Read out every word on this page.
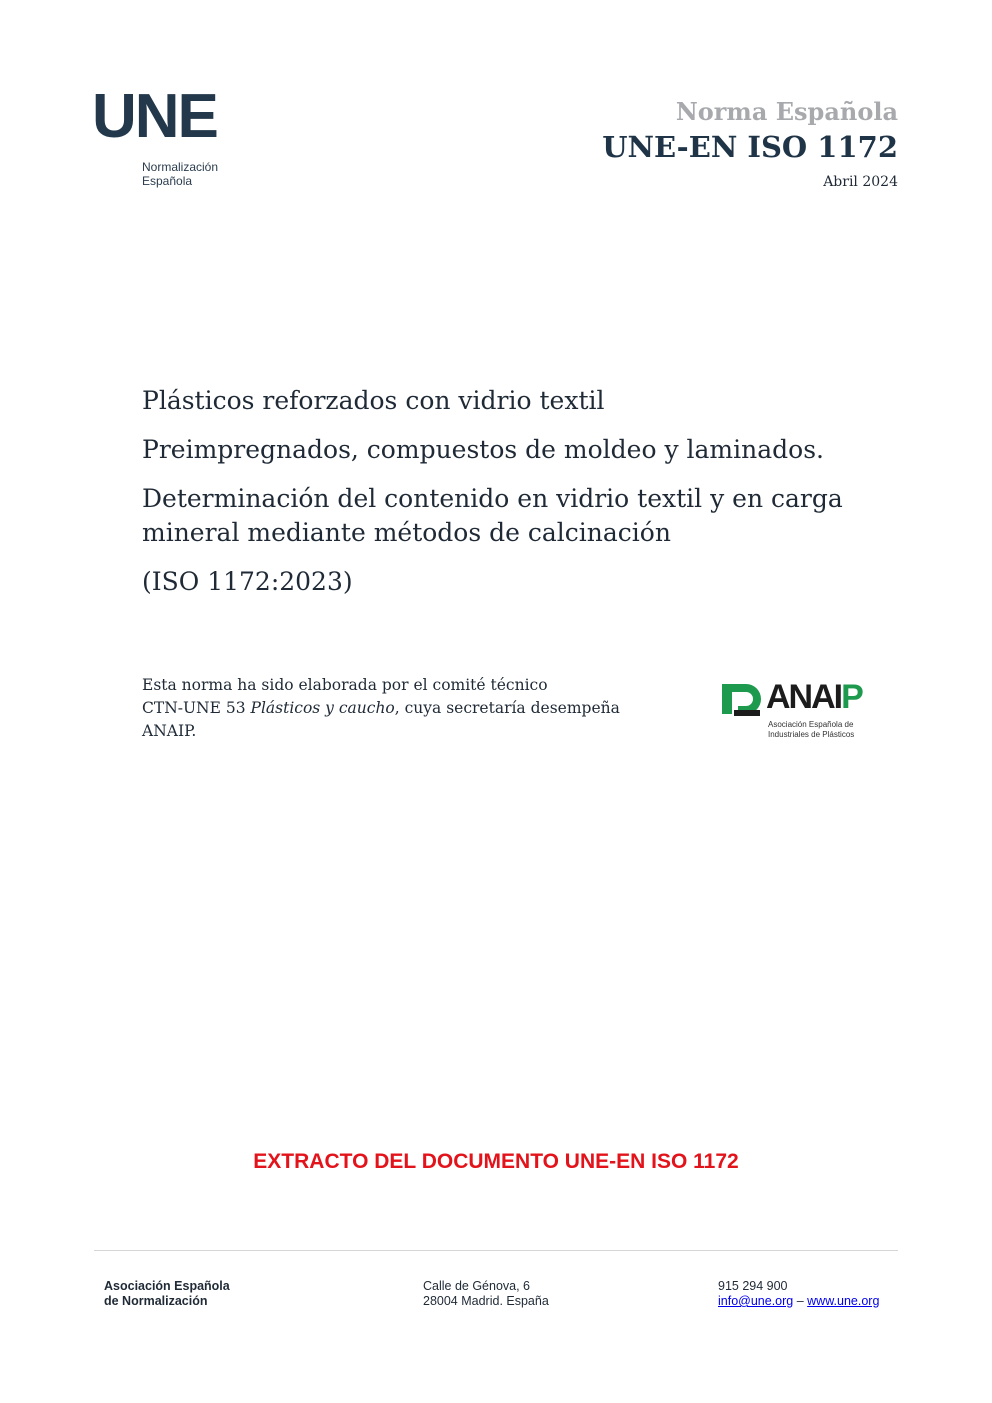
UNE
Normalización
Española
Norma Española
UNE-EN ISO 1172
Abril 2024

Plásticos reforzados con vidrio textil

Preimpregnados, compuestos de moldeo y laminados.

Determinación del contenido en vidrio textil y en carga mineral mediante métodos de calcinación

(ISO 1172:2023)

Esta norma ha sido elaborada por el comité técnico

CTN-UNE 53 Plásticos y caucho, cuya secretaría desempeña

ANAIP.

ANAIP
Asociación Española de
Industriales de Plásticos
EXTRACTO DEL DOCUMENTO UNE-EN ISO 1172
Asociación Española
de Normalización
Calle de Génova, 6
28004 Madrid. España
915 294 900
info@une.org – www.une.org
